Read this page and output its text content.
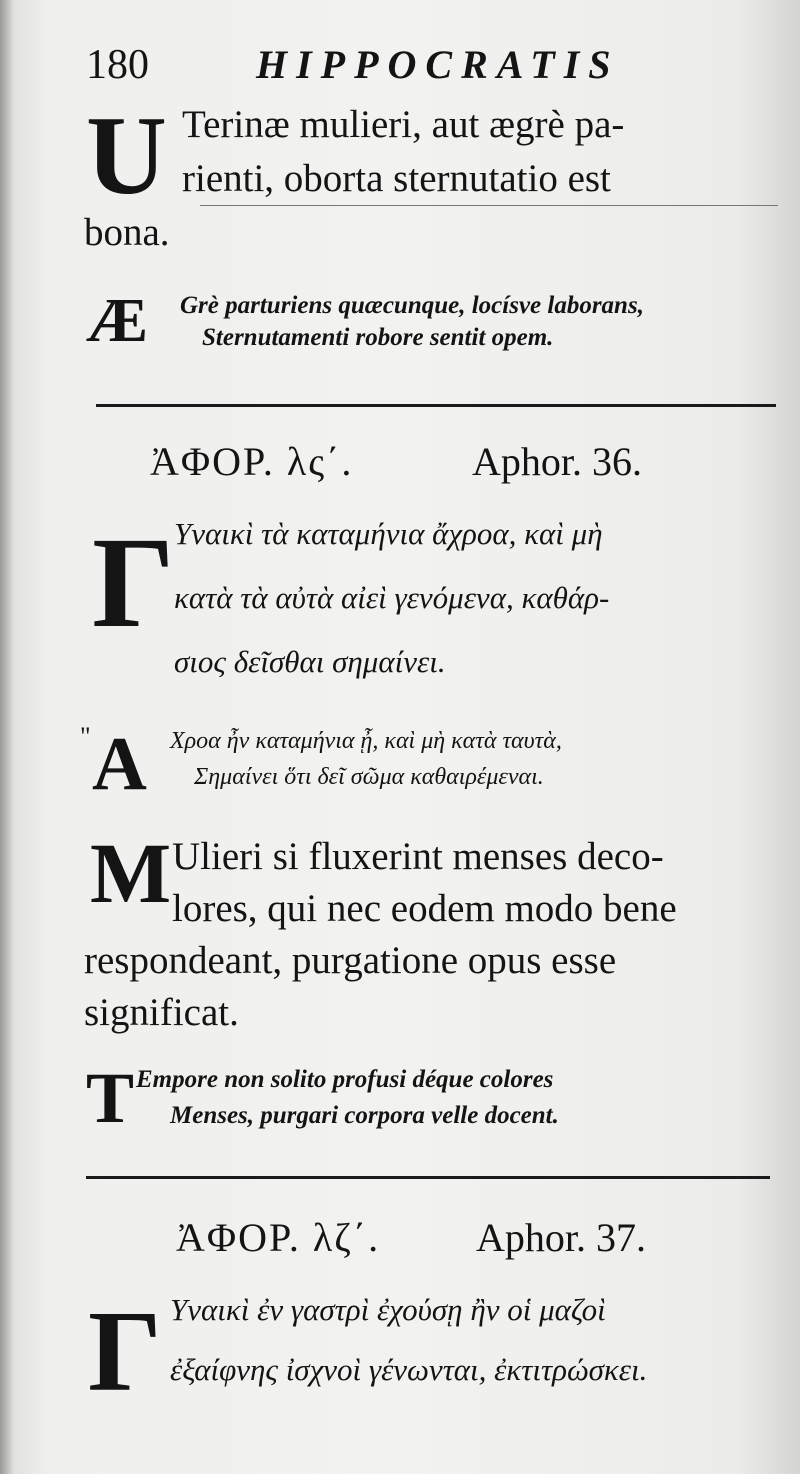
180	HIPPOCRATIS
U Terinæ mulieri, aut ægrè pa-
rienti, oborta sternutatio est
bona.
Æ Grè parturiens quæcunque, locísve laborans,
Sternutamenti robore sentit opem.
ἈΦΟΡ. λς΄.	Aphor. 36.
Γ Υναικὶ τὰ καταμήνια ἄχροα, καὶ μὴ
κατὰ τὰ αὐτὰ αἰεὶ γενόμενα, καθάρ-
σιος δεῖσθαι σημαίνει.
" Α Χροα ἦν καταμήνια ᾖ, καὶ μὴ κατὰ ταυτὰ,
Σημαίνει ὅτι δεῖ σῶμα καθαιρέμεναι.
M Ulieri si fluxerint menses deco-
lores, qui nec eodem modo bene
respondeant, purgatione opus esse
significat.
T Empore non solito profusi déque colores
Menses, purgari corpora velle docent.
ἈΦΟΡ. λζ΄. Aphor. 37.
Γ Υναικὶ ἐν γαστρὶ ἐχούσῃ ἢν οἱ μαζοὶ
ἐξαίφνης ἰσχνοὶ γένωνται, ἐκτιτρώσκει.
